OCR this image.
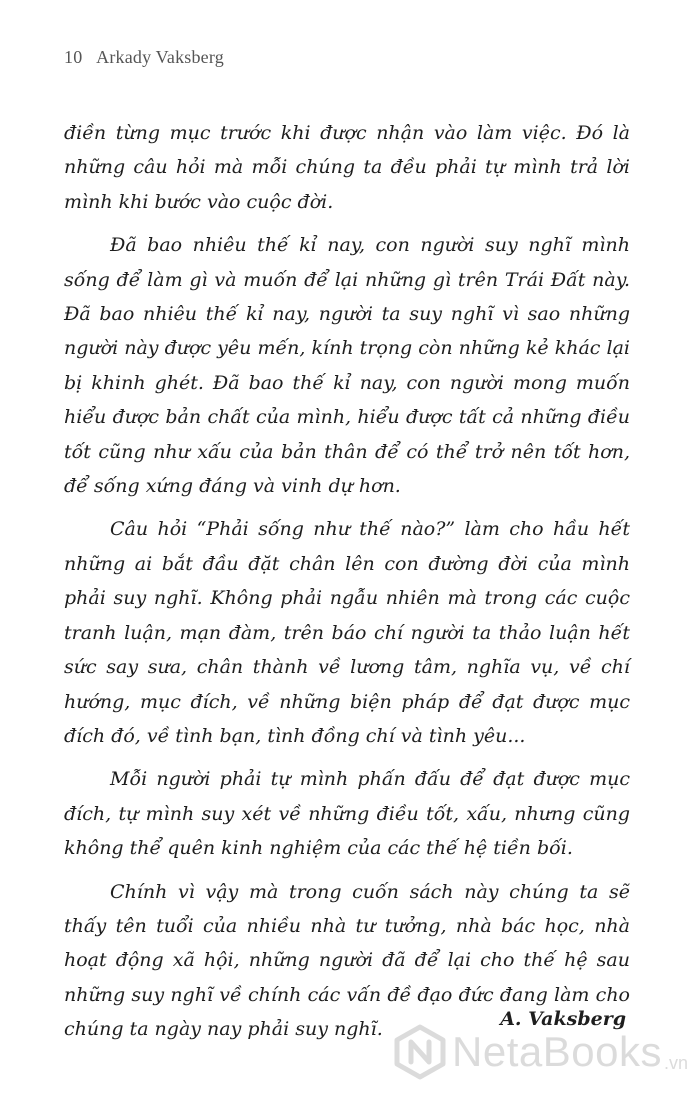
10 Arkady Vaksberg

điền từng mục trước khi được nhận vào làm việc. Đó là những câu hỏi mà mỗi chúng ta đều phải tự mình trả lời mình khi bước vào cuộc đời.

Đã bao nhiêu thế kỉ nay, con người suy nghĩ mình sống để làm gì và muốn để lại những gì trên Trái Đất này. Đã bao nhiêu thế kỉ nay, người ta suy nghĩ vì sao những người này được yêu mến, kính trọng còn những kẻ khác lại bị khinh ghét. Đã bao thế kỉ nay, con người mong muốn hiểu được bản chất của mình, hiểu được tất cả những điều tốt cũng như xấu của bản thân để có thể trở nên tốt hơn, để sống xứng đáng và vinh dự hơn.

Câu hỏi “Phải sống như thế nào?” làm cho hầu hết những ai bắt đầu đặt chân lên con đường đời của mình phải suy nghĩ. Không phải ngẫu nhiên mà trong các cuộc tranh luận, mạn đàm, trên báo chí người ta thảo luận hết sức say sưa, chân thành về lương tâm, nghĩa vụ, về chí hướng, mục đích, về những biện pháp để đạt được mục đích đó, về tình bạn, tình đồng chí và tình yêu...

Mỗi người phải tự mình phấn đấu để đạt được mục đích, tự mình suy xét về những điều tốt, xấu, nhưng cũng không thể quên kinh nghiệm của các thế hệ tiền bối.

Chính vì vậy mà trong cuốn sách này chúng ta sẽ thấy tên tuổi của nhiều nhà tư tưởng, nhà bác học, nhà hoạt động xã hội, những người đã để lại cho thế hệ sau những suy nghĩ về chính các vấn đề đạo đức đang làm cho chúng ta ngày nay phải suy nghĩ.	A. Vaksberg
NetaBooks .vn
